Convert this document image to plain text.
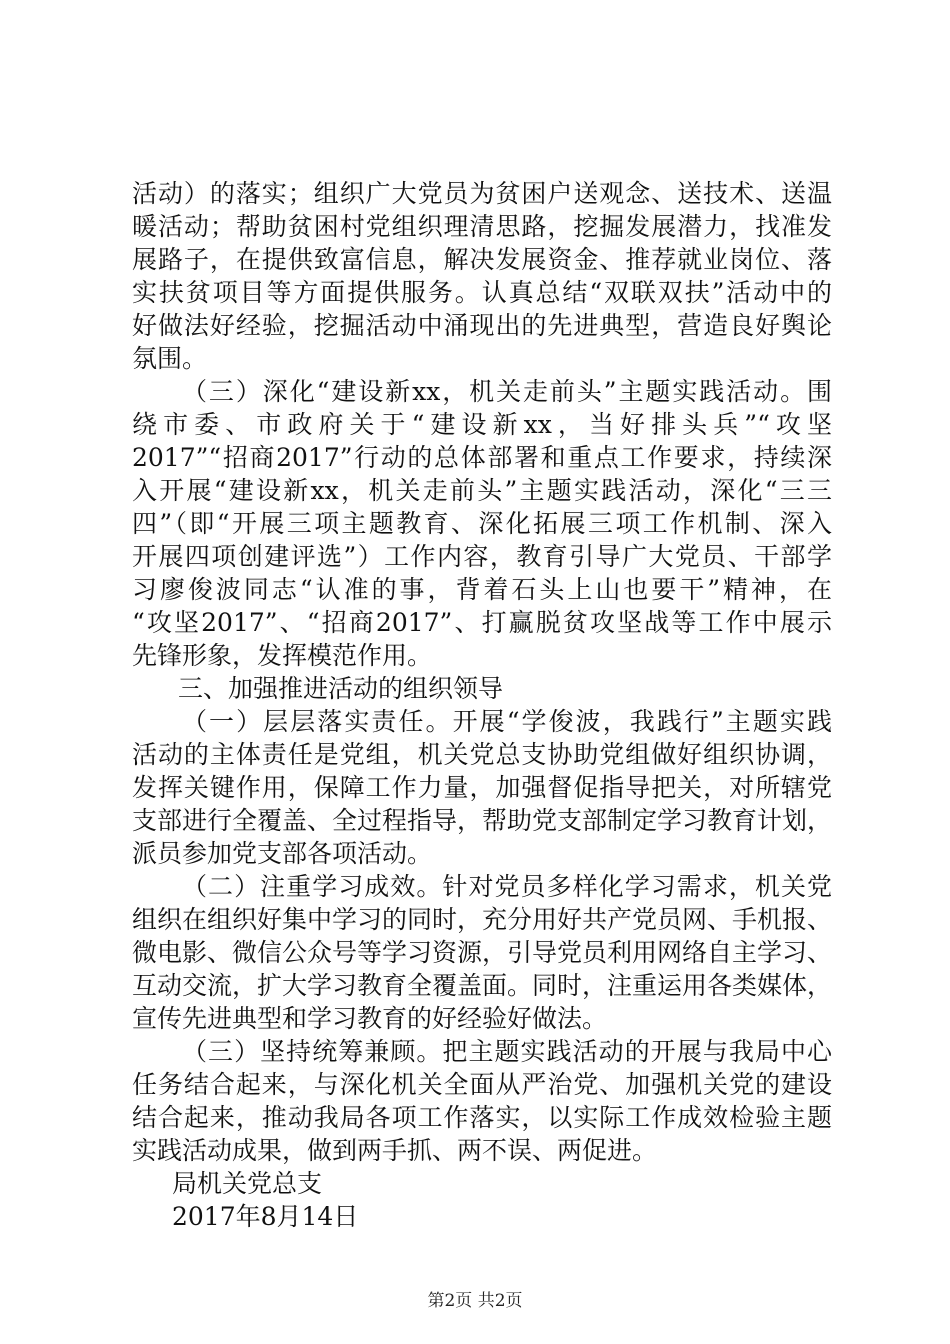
活动）的落实；组织广大党员为贫困户送观念、送技术、送温
暖活动；帮助贫困村党组织理清思路，挖掘发展潜力，找准发
展路子，在提供致富信息，解决发展资金、推荐就业岗位、落
实扶贫项目等方面提供服务。认真总结“双联双扶”活动中的
好做法好经验，挖掘活动中涌现出的先进典型，营造良好舆论
氛围。
（三）深化“建设新xx，机关走前头”主题实践活动。围
绕市委、市政府关于“建设新xx，当好排头兵”“攻坚
2017”“招商2017”行动的总体部署和重点工作要求，持续深
入开展“建设新xx，机关走前头”主题实践活动，深化“三三
四”（即“开展三项主题教育、深化拓展三项工作机制、深入
开展四项创建评选”）工作内容，教育引导广大党员、干部学
习廖俊波同志“认准的事，背着石头上山也要干”精神，在
“攻坚2017”、“招商2017”、打赢脱贫攻坚战等工作中展示
先锋形象，发挥模范作用。
三、加强推进活动的组织领导
（一）层层落实责任。开展“学俊波，我践行”主题实践
活动的主体责任是党组，机关党总支协助党组做好组织协调，
发挥关键作用，保障工作力量，加强督促指导把关，对所辖党
支部进行全覆盖、全过程指导，帮助党支部制定学习教育计划，
派员参加党支部各项活动。
（二）注重学习成效。针对党员多样化学习需求，机关党
组织在组织好集中学习的同时，充分用好共产党员网、手机报、
微电影、微信公众号等学习资源，引导党员利用网络自主学习、
互动交流，扩大学习教育全覆盖面。同时，注重运用各类媒体，
宣传先进典型和学习教育的好经验好做法。
（三）坚持统筹兼顾。把主题实践活动的开展与我局中心
任务结合起来，与深化机关全面从严治党、加强机关党的建设
结合起来，推动我局各项工作落实，以实际工作成效检验主题
实践活动成果，做到两手抓、两不误、两促进。
局机关党总支
2017年8月14日
第2页 共2页
